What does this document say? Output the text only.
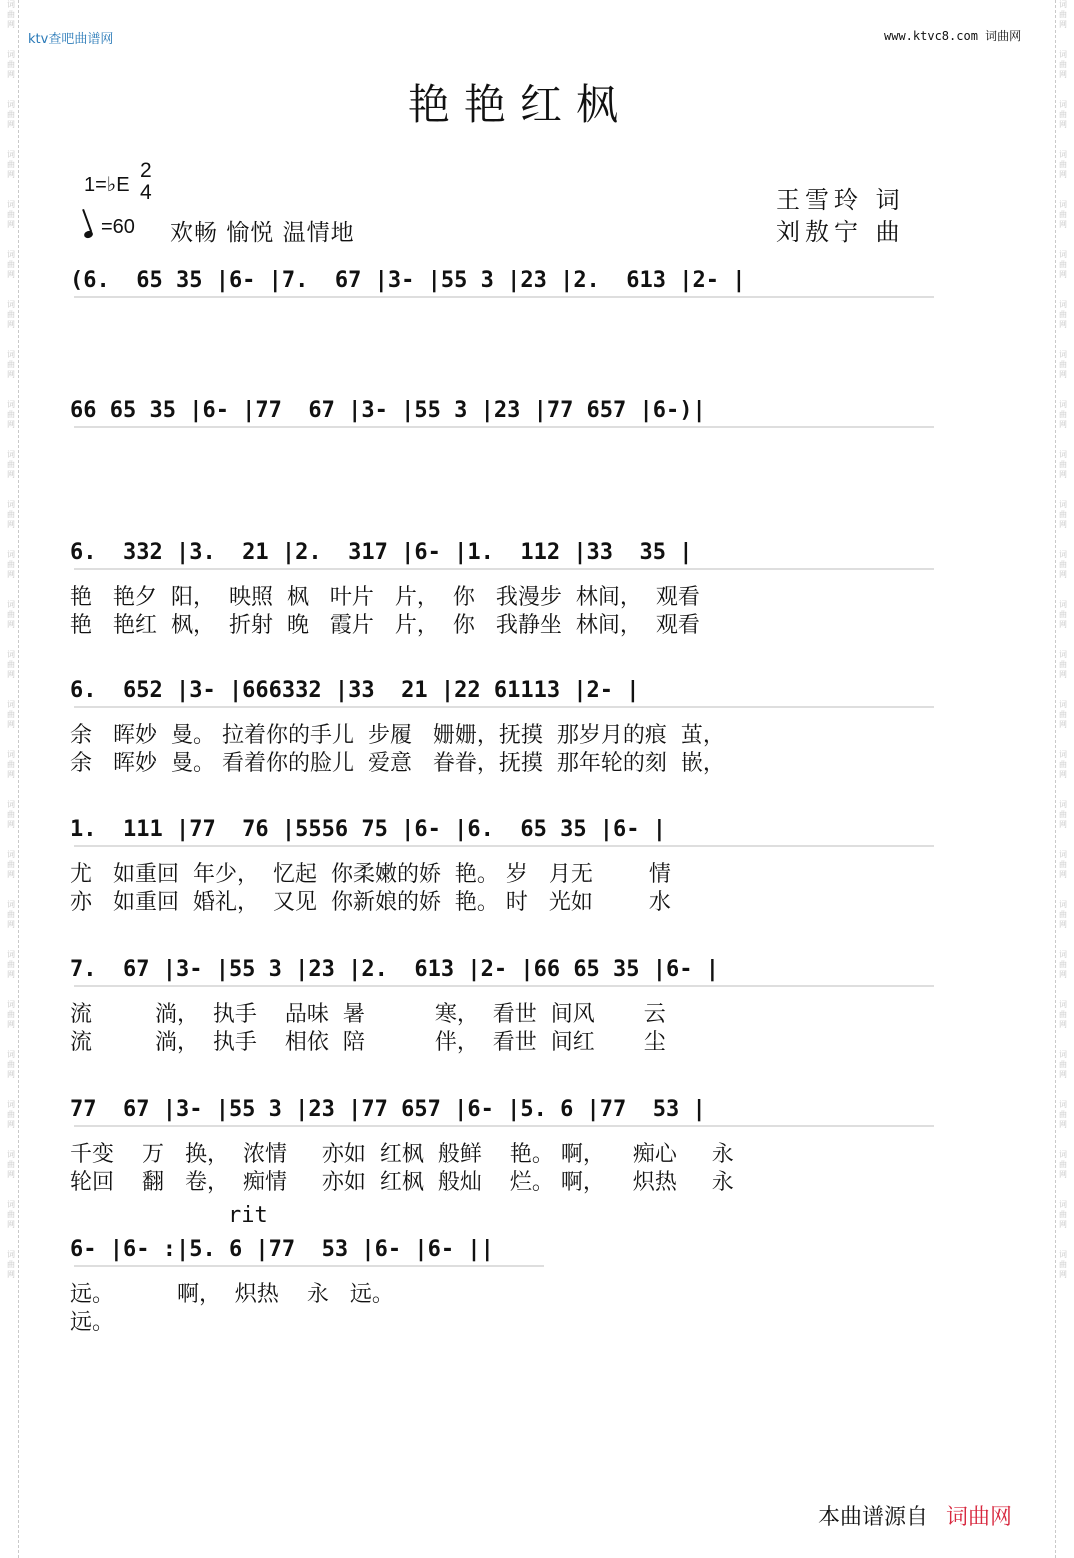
词
曲
网

词
曲
网

词
曲
网

词
曲
网

词
曲
网

词
曲
网

词
曲
网

词
曲
网

词
曲
网

词
曲
网

词
曲
网

词
曲
网

词
曲
网

词
曲
网

词
曲
网

词
曲
网

词
曲
网

词
曲
网

词
曲
网

词
曲
网

词
曲
网

词
曲
网

词
曲
网

词
曲
网

词
曲
网

词
曲
网

词
曲
网

词
曲
网

词
曲
网

词
曲
网

词
曲
网

词
曲
网

词
曲
网

词
曲
网

词
曲
网

词
曲
网

词
曲
网

词
曲
网

词
曲
网

词
曲
网

词
曲
网

词
曲
网

词
曲
网

词
曲
网

词
曲
网

词
曲
网

词
曲
网

词
曲
网

词
曲
网

词
曲
网

词
曲
网

词
曲
网

ktv查吧曲谱网	www.ktvc8.com 词曲网
艳艳红枫
1=♭E
2
4
=60 欢畅 愉悦 温情地
王雪玲 词
刘敖宁 曲
(6.  65 35 |6- |7.  67 |3- |55 3 |23 |2.  613 |2- |
66 65 35 |6- |77  67 |3- |55 3 |23 |77 657 |6-)|
6.  332 |3.  21 |2.  317 |6- |1.  112 |33  35 |
艳   艳夕  阳，  映照  枫   叶片   片，  你   我漫步  林间，  观看
艳   艳红  枫，  折射  晚   霞片   片，  你   我静坐  林间，  观看
6.  652 |3- |666332 |33  21 |22 61113 |2- |
余   晖妙  曼。 拉着你的手儿  步履   姗姗，抚摸  那岁月的痕  茧，
余   晖妙  曼。 看着你的脸儿  爱意   眷眷，抚摸  那年轮的刻  嵌，
1.  111 |77  76 |5556 75 |6- |6.  65 35 |6- |
尤   如重回  年少，  忆起  你柔嫩的娇  艳。 岁   月无        情
亦   如重回  婚礼，  又见  你新娘的娇  艳。 时   光如        水
7.  67 |3- |55 3 |23 |2.  613 |2- |66 65 35 |6- |
流         淌，  执手    品味  暑          寒，  看世  间风       云
流         淌，  执手    相依  陪          伴，  看世  间红       尘
77  67 |3- |55 3 |23 |77 657 |6- |5. 6 |77  53 |
千变    万   换，  浓情     亦如  红枫  般鲜    艳。 啊，    痴心     永
轮回    翻   卷，  痴情     亦如  红枫  般灿    烂。 啊，    炽热     永
6- |6- :|5. 6 |77  53 |6- |6- ||
远。         啊，  炽热    永   远。
远。
rit
本曲谱源自 词曲网
